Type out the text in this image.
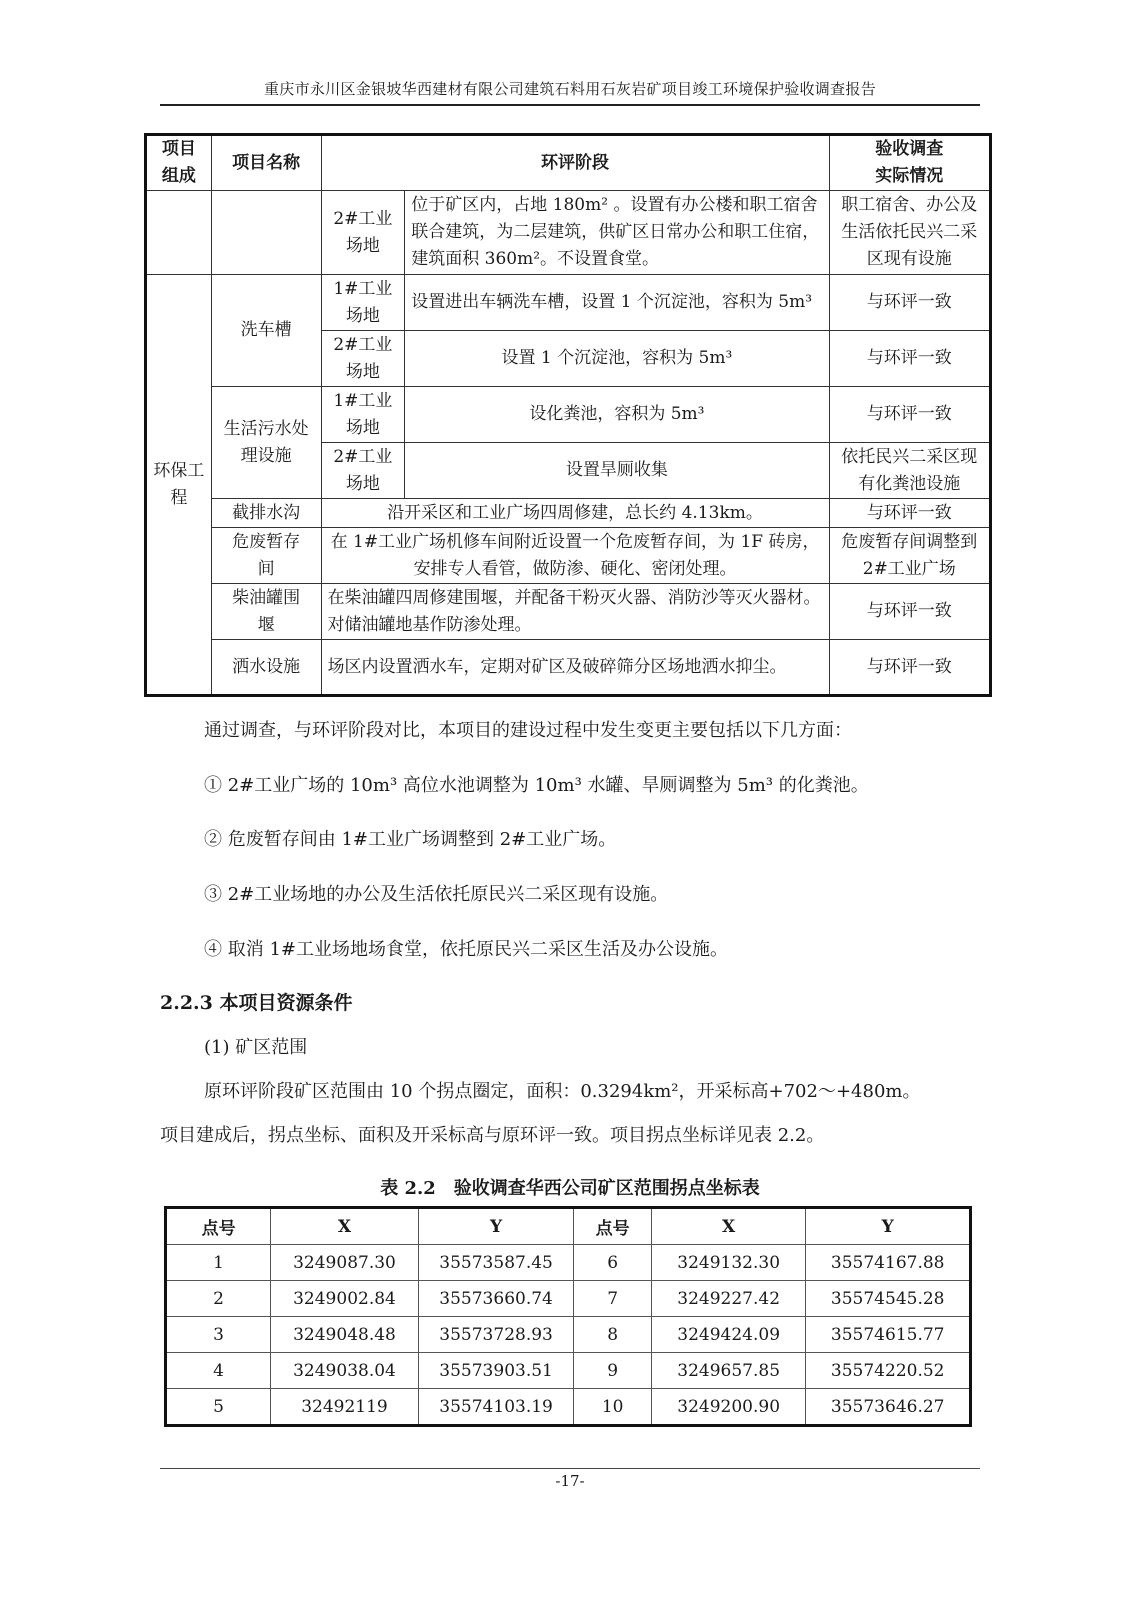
重庆市永川区金银坡华西建材有限公司建筑石料用石灰岩矿项目竣工环境保护验收调查报告
项目
组成	项目名称	环评阶段	验收调查
实际情况
		2#工业场地	位于矿区内，占地 180m² 。设置有办公楼和职工宿舍联合建筑，为二层建筑，供矿区日常办公和职工住宿，建筑面积 360m²。不设置食堂。	职工宿舍、办公及生活依托民兴二采区现有设施
环保工程	洗车槽	1#工业场地	设置进出车辆洗车槽，设置 1 个沉淀池，容积为 5m³	与环评一致
2#工业场地	设置 1 个沉淀池，容积为 5m³	与环评一致
生活污水处理设施	1#工业场地	设化粪池，容积为 5m³	与环评一致
2#工业场地	设置旱厕收集	依托民兴二采区现有化粪池设施
截排水沟	沿开采区和工业广场四周修建，总长约 4.13km。	与环评一致
危废暂存间	在 1#工业广场机修车间附近设置一个危废暂存间，为 1F 砖房，安排专人看管，做防渗、硬化、密闭处理。	危废暂存间调整到 2#工业广场
柴油罐围堰	在柴油罐四周修建围堰，并配备干粉灭火器、消防沙等灭火器材。对储油罐地基作防渗处理。	与环评一致
洒水设施	场区内设置洒水车，定期对矿区及破碎筛分区场地洒水抑尘。	与环评一致
通过调查，与环评阶段对比，本项目的建设过程中发生变更主要包括以下几方面：
① 2#工业广场的 10m³ 高位水池调整为 10m³ 水罐、旱厕调整为 5m³ 的化粪池。
② 危废暂存间由 1#工业广场调整到 2#工业广场。
③ 2#工业场地的办公及生活依托原民兴二采区现有设施。
④ 取消 1#工业场地场食堂，依托原民兴二采区生活及办公设施。
2.2.3 本项目资源条件
(1) 矿区范围
原环评阶段矿区范围由 10 个拐点圈定，面积：0.3294km²，开采标高+702～+480m。
项目建成后，拐点坐标、面积及开采标高与原环评一致。项目拐点坐标详见表 2.2。
表 2.2　验收调查华西公司矿区范围拐点坐标表
点号	X	Y	点号	X	Y
1	3249087.30	35573587.45	6	3249132.30	35574167.88
2	3249002.84	35573660.74	7	3249227.42	35574545.28
3	3249048.48	35573728.93	8	3249424.09	35574615.77
4	3249038.04	35573903.51	9	3249657.85	35574220.52
5	32492119	35574103.19	10	3249200.90	35573646.27
-17-
